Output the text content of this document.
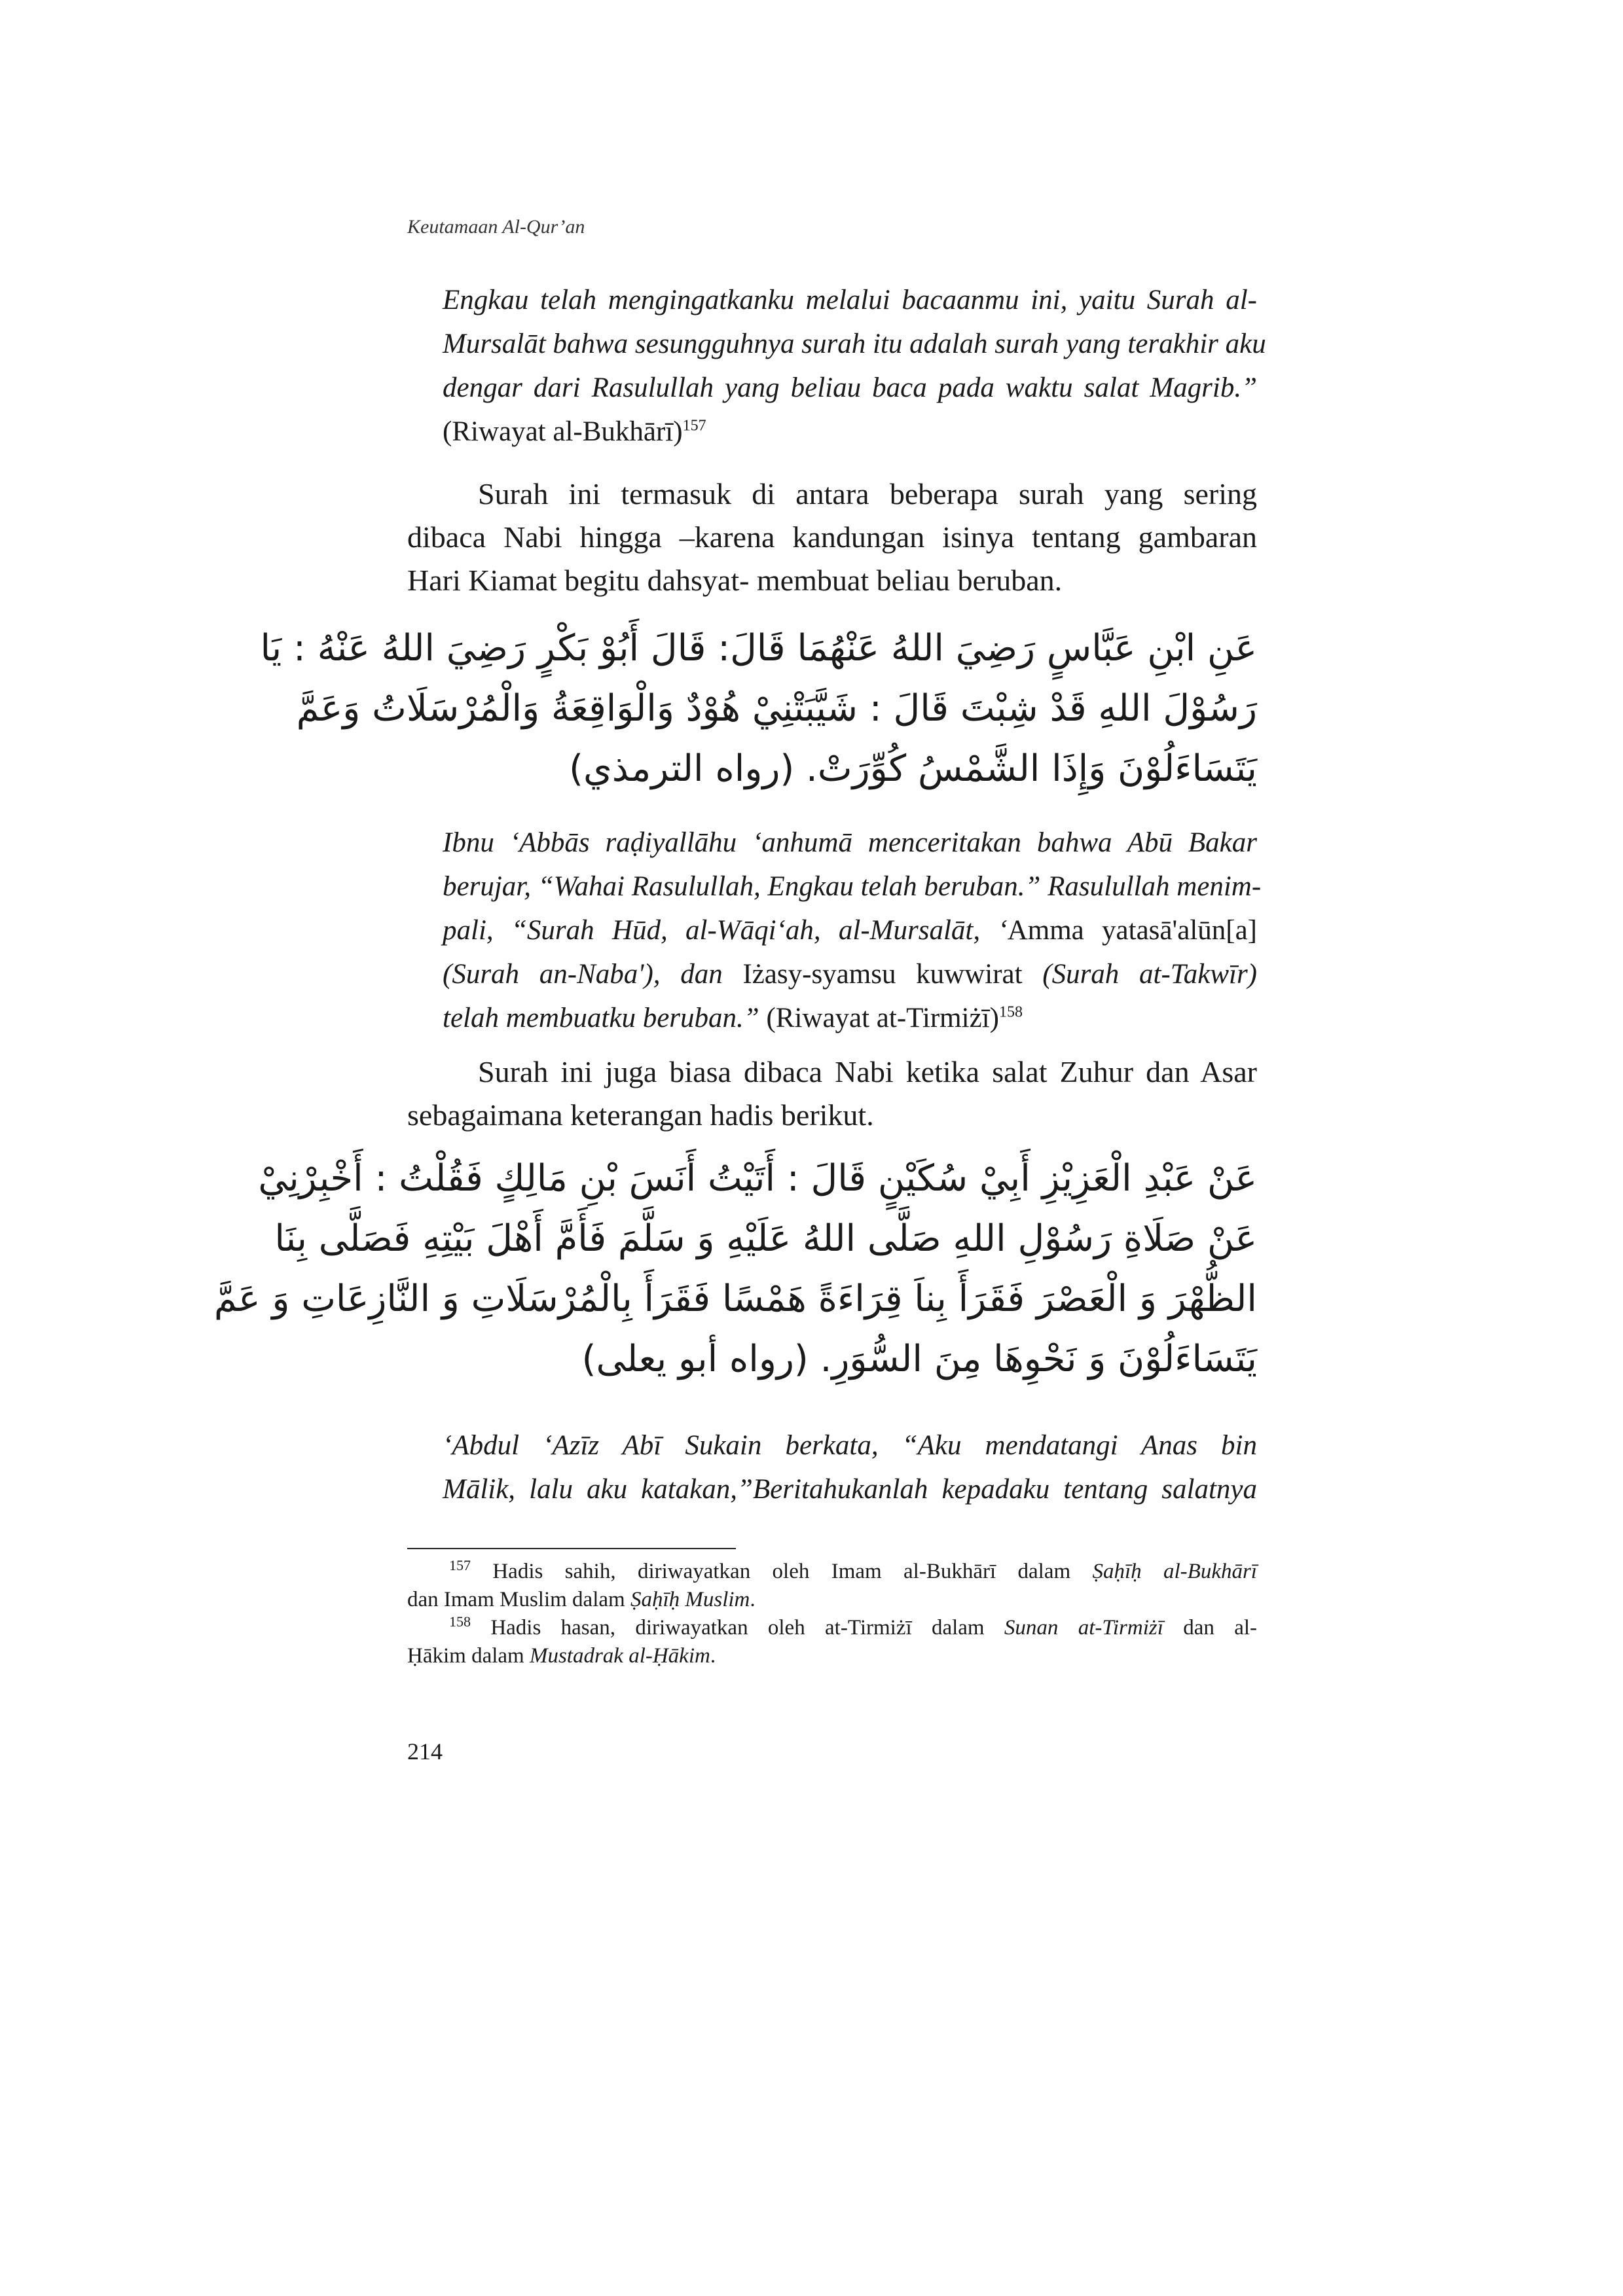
Keutamaan Al-Qur’an
Engkau telah mengingatkanku melalui bacaanmu ini, yaitu Surah al-
Mursalāt bahwa sesungguhnya surah itu adalah surah yang terakhir aku
dengar dari Rasulullah yang beliau baca pada waktu salat Magrib.”
(Riwayat al-Bukhārī)$^{157}$
Surah ini termasuk di antara beberapa surah yang sering
dibaca Nabi hingga –karena kandungan isinya tentang gambaran
Hari Kiamat begitu dahsyat- membuat beliau beruban.
عَنِ ابْنِ عَبَّاسٍ رَضِيَ اللهُ عَنْهُمَا قَالَ: قَالَ أَبُوْ بَكْرٍ رَضِيَ اللهُ عَنْهُ : يَا
رَسُوْلَ اللهِ قَدْ شِبْتَ قَالَ : شَيَّبَتْنِيْ هُوْدٌ وَالْوَاقِعَةُ وَالْمُرْسَلَاتُ وَعَمَّ
يَتَسَاءَلُوْنَ وَإِذَا الشَّمْسُ كُوِّرَتْ. (رواه الترمذي)
Ibnu ‘Abbās raḍiyallāhu ‘anhumā menceritakan bahwa Abū Bakar
berujar, “Wahai Rasulullah, Engkau telah beruban.” Rasulullah menim-
pali, “Surah Hūd, al-Wāqi‘ah, al-Mursalāt, ‘Amma yatasā'alūn[a]
(Surah an-Naba'), dan Iżasy-syamsu kuwwirat (Surah at-Takwīr)
telah membuatku beruban.” (Riwayat at-Tirmiżī)$^{158}$
Surah ini juga biasa dibaca Nabi ketika salat Zuhur dan Asar
sebagaimana keterangan hadis berikut.
عَنْ عَبْدِ الْعَزِيْزِ أَبِيْ سُكَيْنٍ قَالَ : أَتَيْتُ أَنَسَ بْنِ مَالِكٍ فَقُلْتُ : أَخْبِرْنِيْ
عَنْ صَلَاةِ رَسُوْلِ اللهِ صَلَّى اللهُ عَلَيْهِ وَ سَلَّمَ فَأَمَّ أَهْلَ بَيْتِهِ فَصَلَّى بِنَا
الظُّهْرَ وَ الْعَصْرَ فَقَرَأَ بِناَ قِرَاءَةً هَمْسًا فَقَرَأَ بِالْمُرْسَلَاتِ وَ النَّازِعَاتِ وَ عَمَّ
يَتَسَاءَلُوْنَ وَ نَحْوِهَا مِنَ السُّوَرِ. (رواه أبو يعلى)
‘Abdul ‘Azīz Abī Sukain berkata, “Aku mendatangi Anas bin
Mālik, lalu aku katakan,”Beritahukanlah kepadaku tentang salatnya
$^{157}$ Hadis sahih, diriwayatkan oleh Imam al-Bukhārī dalam Ṣaḥīḥ al-Bukhārī
dan Imam Muslim dalam Ṣaḥīḥ Muslim.
$^{158}$ Hadis hasan, diriwayatkan oleh at-Tirmiżī dalam Sunan at-Tirmiżī dan al-
Ḥākim dalam Mustadrak al-Ḥākim.
214
